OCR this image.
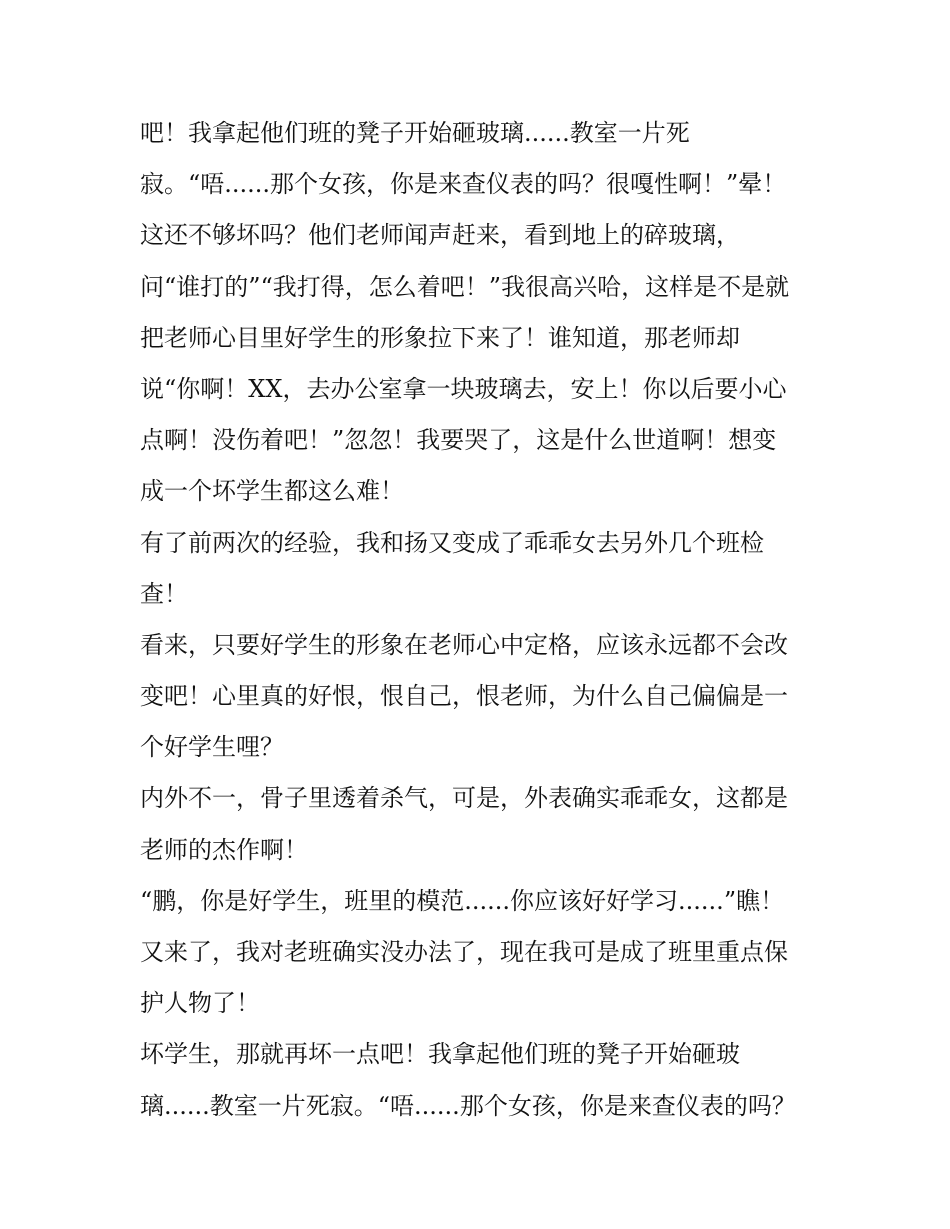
吧！我拿起他们班的凳子开始砸玻璃......教室一片死
寂。“唔......那个女孩，你是来查仪表的吗？很嘎性啊！”晕！
这还不够坏吗？他们老师闻声赶来，看到地上的碎玻璃，
问“谁打的”“我打得，怎么着吧！”我很高兴哈，这样是不是就
把老师心目里好学生的形象拉下来了！谁知道，那老师却
说“你啊！XX，去办公室拿一块玻璃去，安上！你以后要小心
点啊！没伤着吧！”忽忽！我要哭了，这是什么世道啊！想变
成一个坏学生都这么难！
有了前两次的经验，我和扬又变成了乖乖女去另外几个班检
查！
看来，只要好学生的形象在老师心中定格，应该永远都不会改
变吧！心里真的好恨，恨自己，恨老师，为什么自己偏偏是一
个好学生哩？
内外不一，骨子里透着杀气，可是，外表确实乖乖女，这都是
老师的杰作啊！
“鹏，你是好学生，班里的模范......你应该好好学习......”瞧！
又来了，我对老班确实没办法了，现在我可是成了班里重点保
护人物了！
坏学生，那就再坏一点吧！我拿起他们班的凳子开始砸玻
璃......教室一片死寂。“唔......那个女孩，你是来查仪表的吗？
